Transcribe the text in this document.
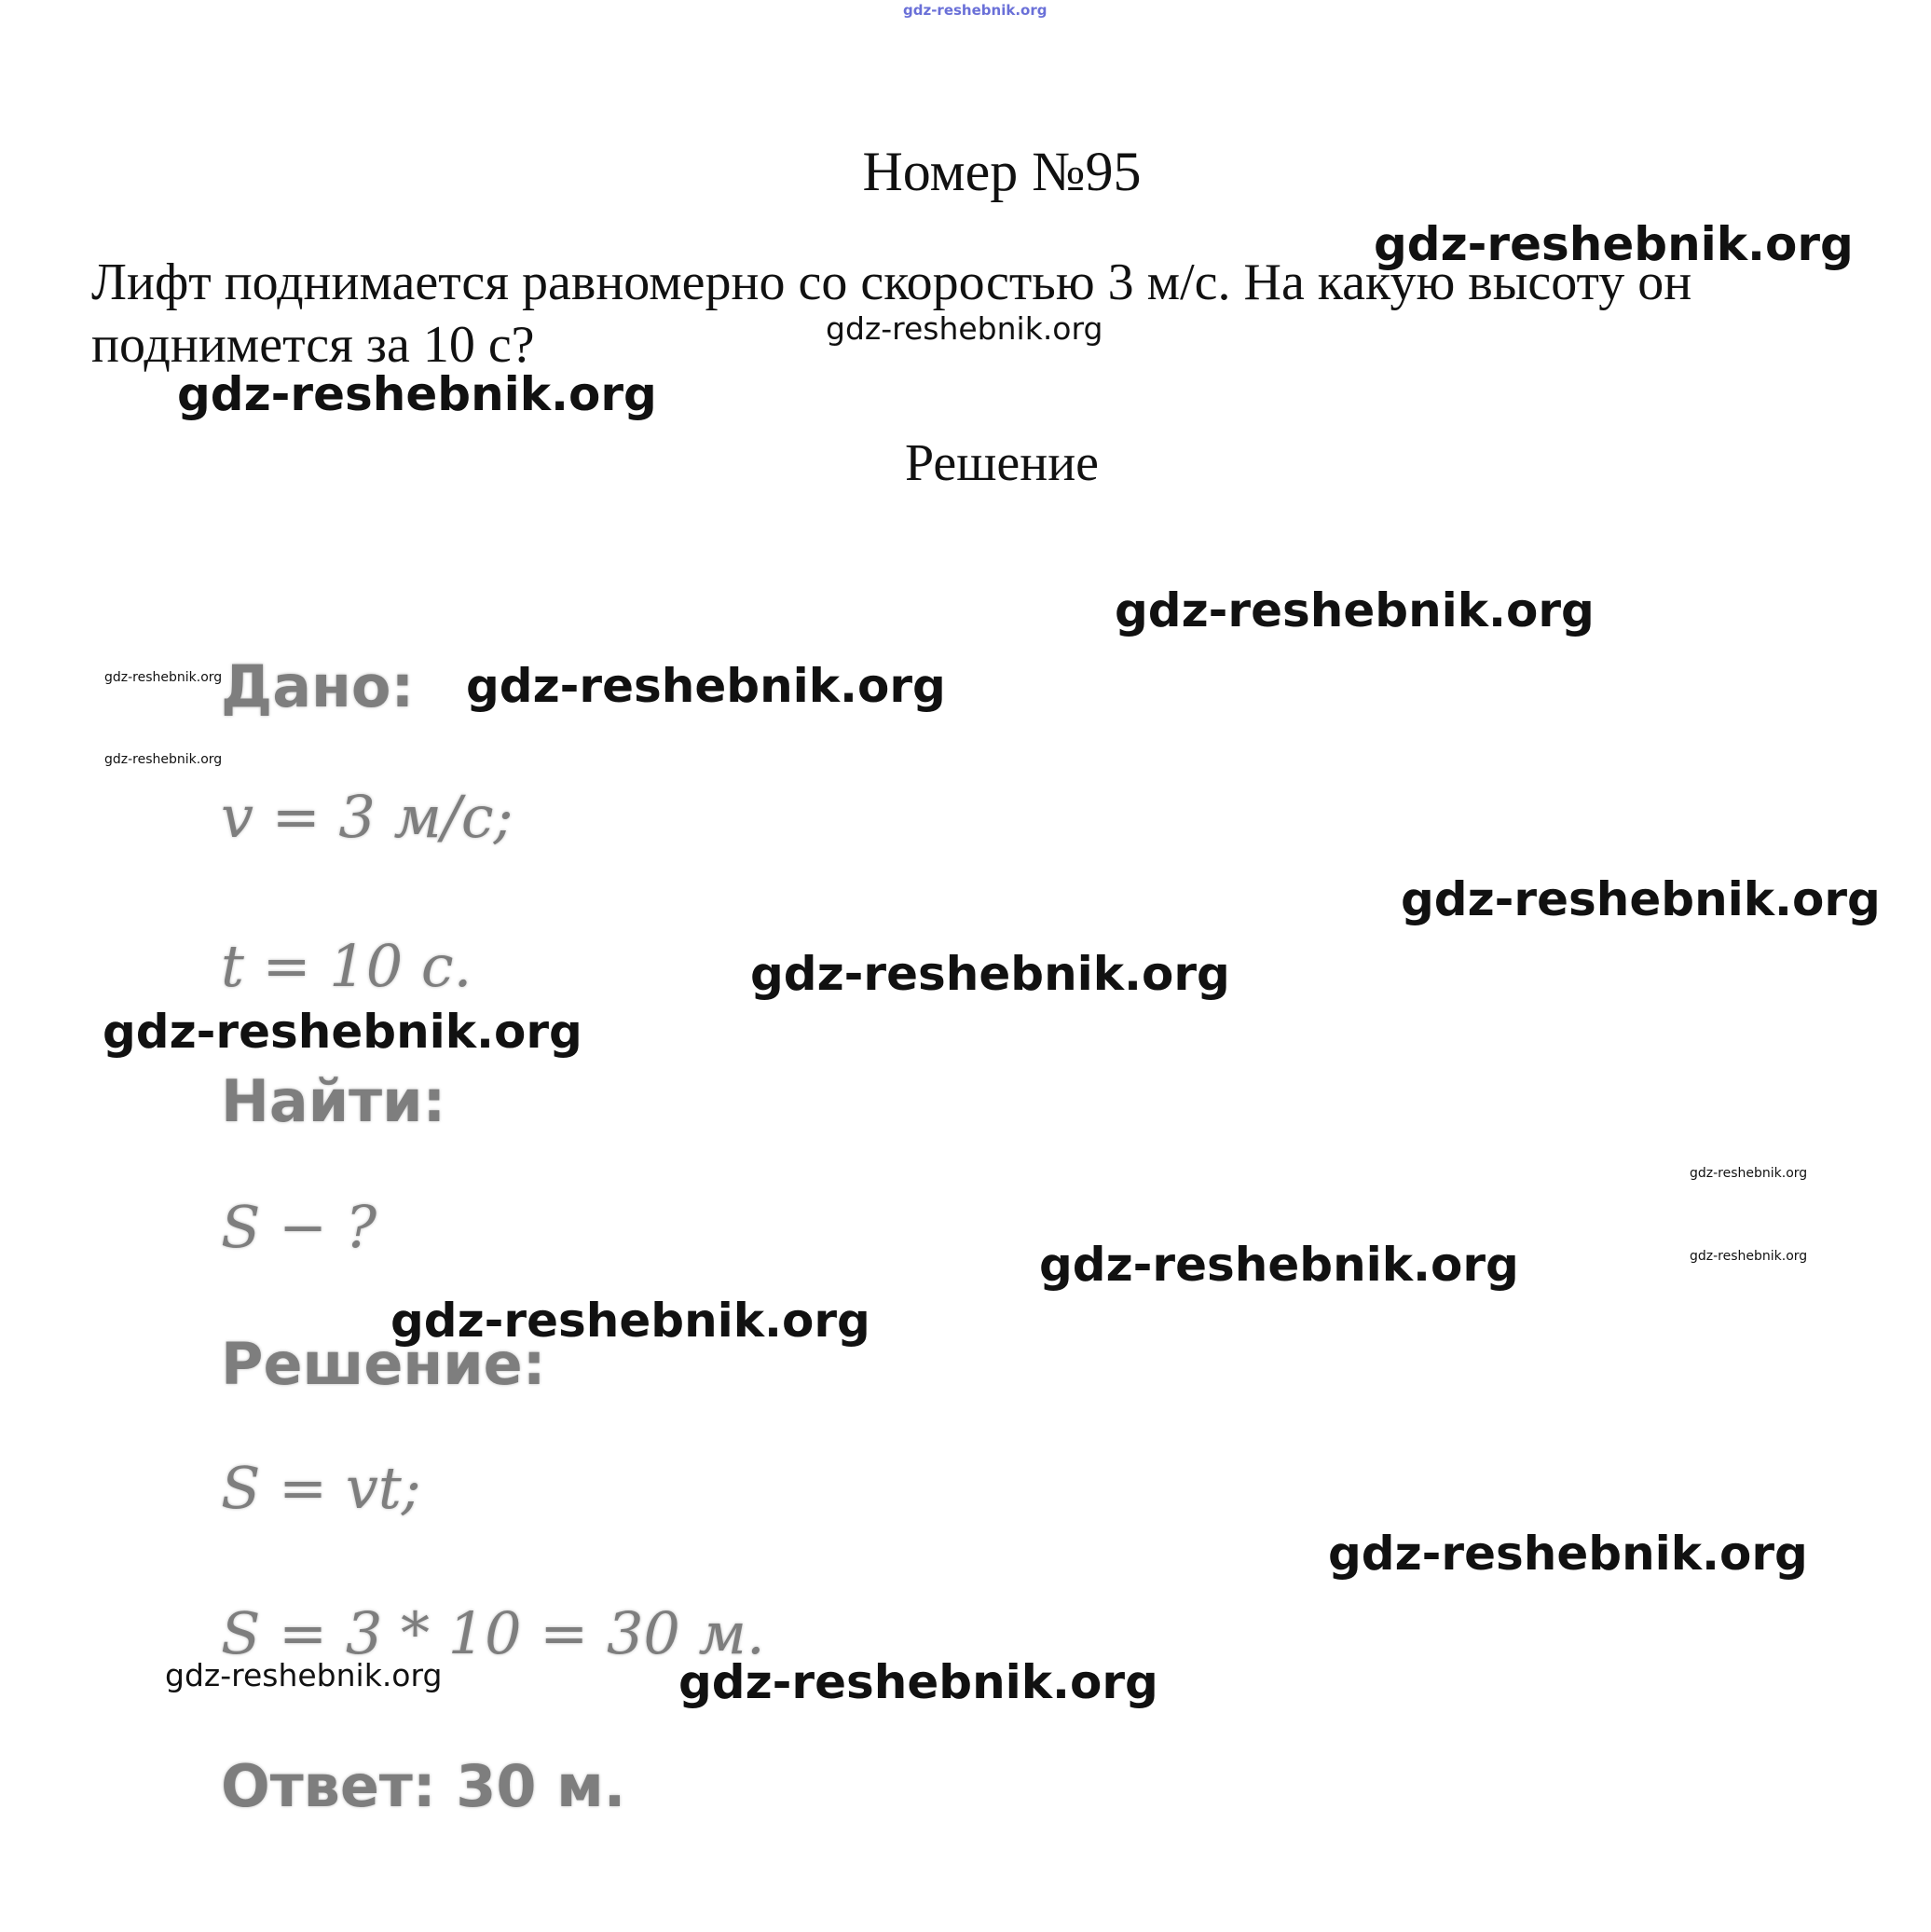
gdz-reshebnik.org
Номер №95
Лифт поднимается равномерно со скоростью 3 м/с. На какую высоту он поднимется за 10 с?
Решение
Дано:
v = 3 м/с;
t = 10 с.
Найти:
S − ?
Решение:
S = vt;
S = 3 * 10 = 30 м.
Ответ: 30 м.
gdz-reshebnik.org
gdz-reshebnik.org
gdz-reshebnik.org
gdz-reshebnik.org
gdz-reshebnik.org	gdz-reshebnik.org
gdz-reshebnik.org
gdz-reshebnik.org
gdz-reshebnik.org
gdz-reshebnik.org
gdz-reshebnik.org
gdz-reshebnik.org
gdz-reshebnik.org
gdz-reshebnik.org
gdz-reshebnik.org
gdz-reshebnik.org	gdz-reshebnik.org
